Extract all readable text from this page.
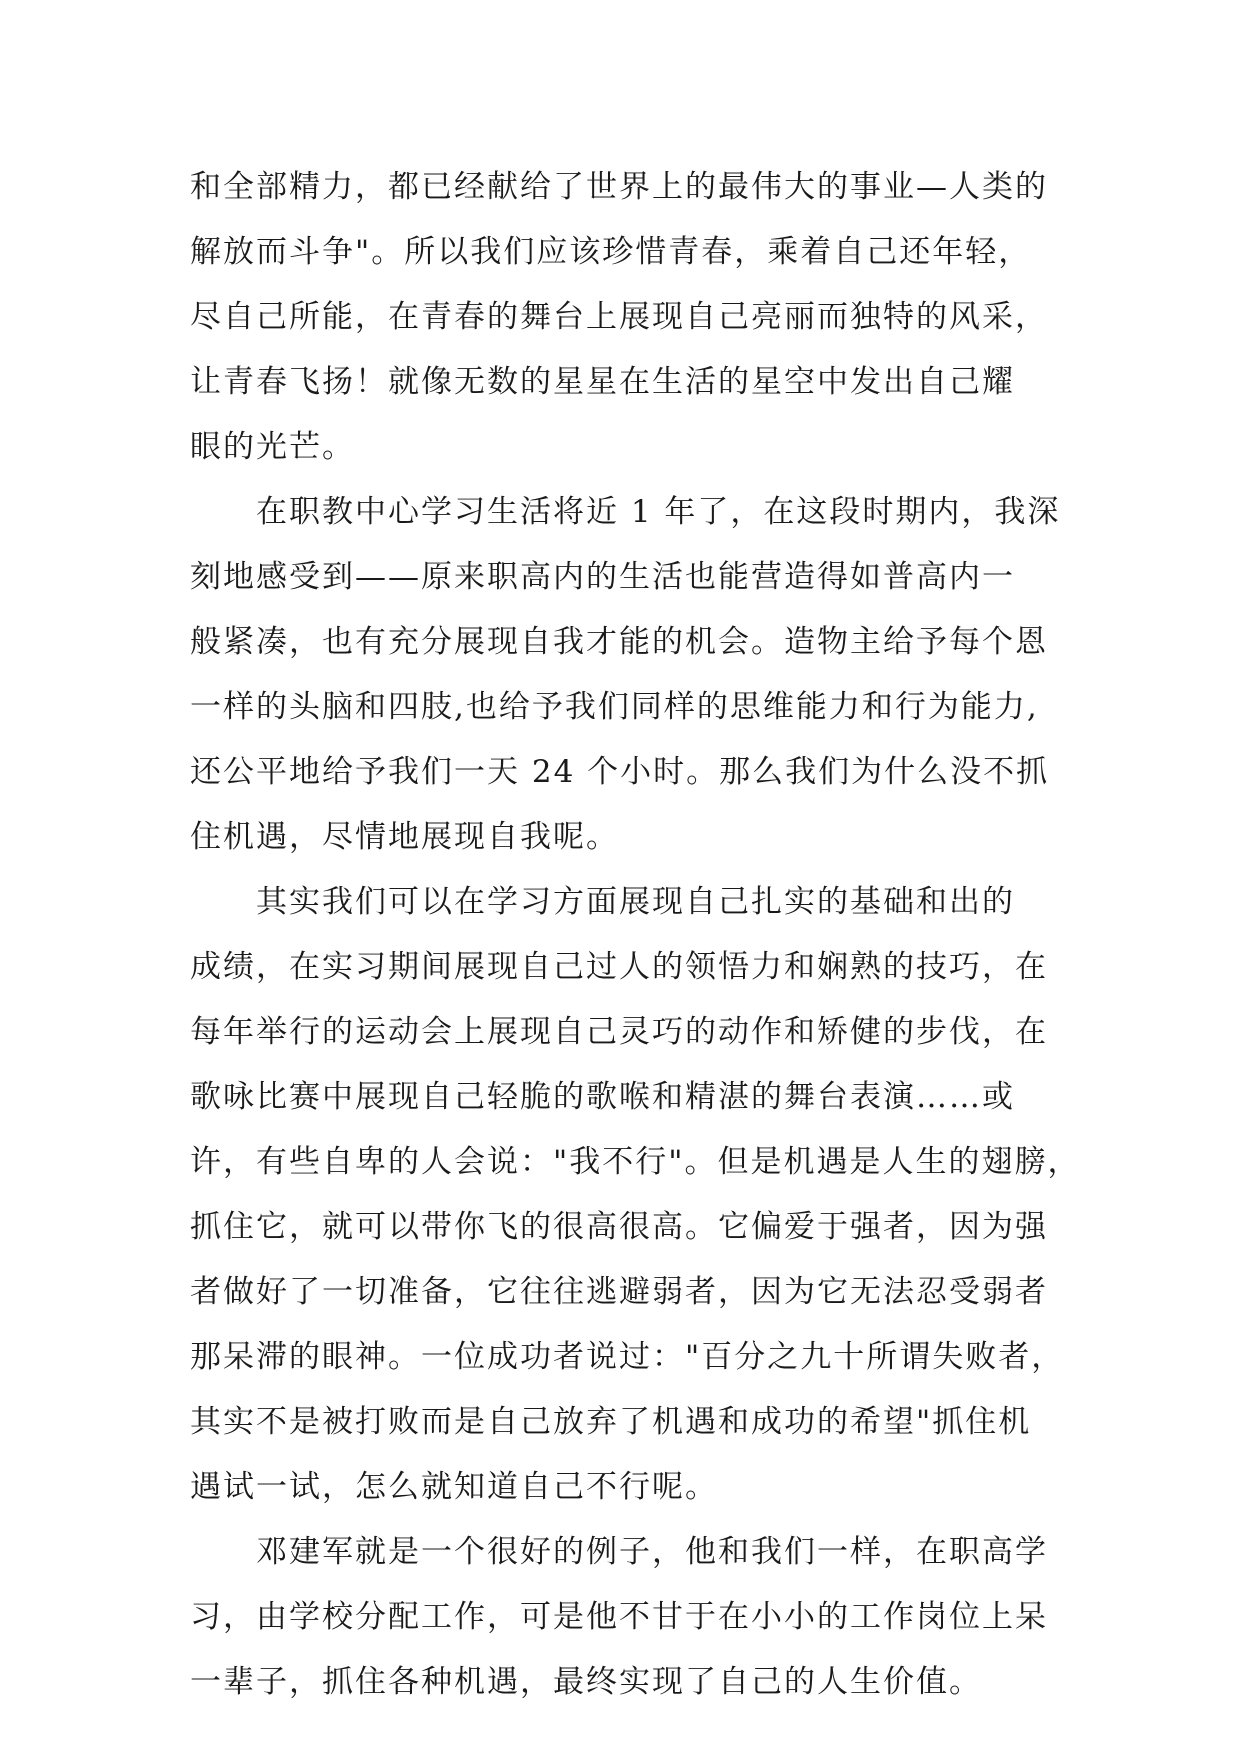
和全部精力，都已经献给了世界上的最伟大的事业—人类的
解放而斗争"。所以我们应该珍惜青春，乘着自己还年轻，
尽自己所能，在青春的舞台上展现自己亮丽而独特的风采，
让青春飞扬！就像无数的星星在生活的星空中发出自己耀
眼的光芒。
在职教中心学习生活将近 1 年了，在这段时期内，我深
刻地感受到——原来职高内的生活也能营造得如普高内一
般紧凑，也有充分展现自我才能的机会。造物主给予每个恩
一样的头脑和四肢,也给予我们同样的思维能力和行为能力,
还公平地给予我们一天 24 个小时。那么我们为什么没不抓
住机遇，尽情地展现自我呢。
其实我们可以在学习方面展现自己扎实的基础和出的
成绩，在实习期间展现自己过人的领悟力和娴熟的技巧，在
每年举行的运动会上展现自己灵巧的动作和矫健的步伐，在
歌咏比赛中展现自己轻脆的歌喉和精湛的舞台表演……或
许，有些自卑的人会说："我不行"。但是机遇是人生的翅膀，
抓住它，就可以带你飞的很高很高。它偏爱于强者，因为强
者做好了一切准备，它往往逃避弱者，因为它无法忍受弱者
那呆滞的眼神。一位成功者说过："百分之九十所谓失败者，
其实不是被打败而是自己放弃了机遇和成功的希望"抓住机
遇试一试，怎么就知道自己不行呢。
邓建军就是一个很好的例子，他和我们一样，在职高学
习，由学校分配工作，可是他不甘于在小小的工作岗位上呆
一辈子，抓住各种机遇，最终实现了自己的人生价值。
